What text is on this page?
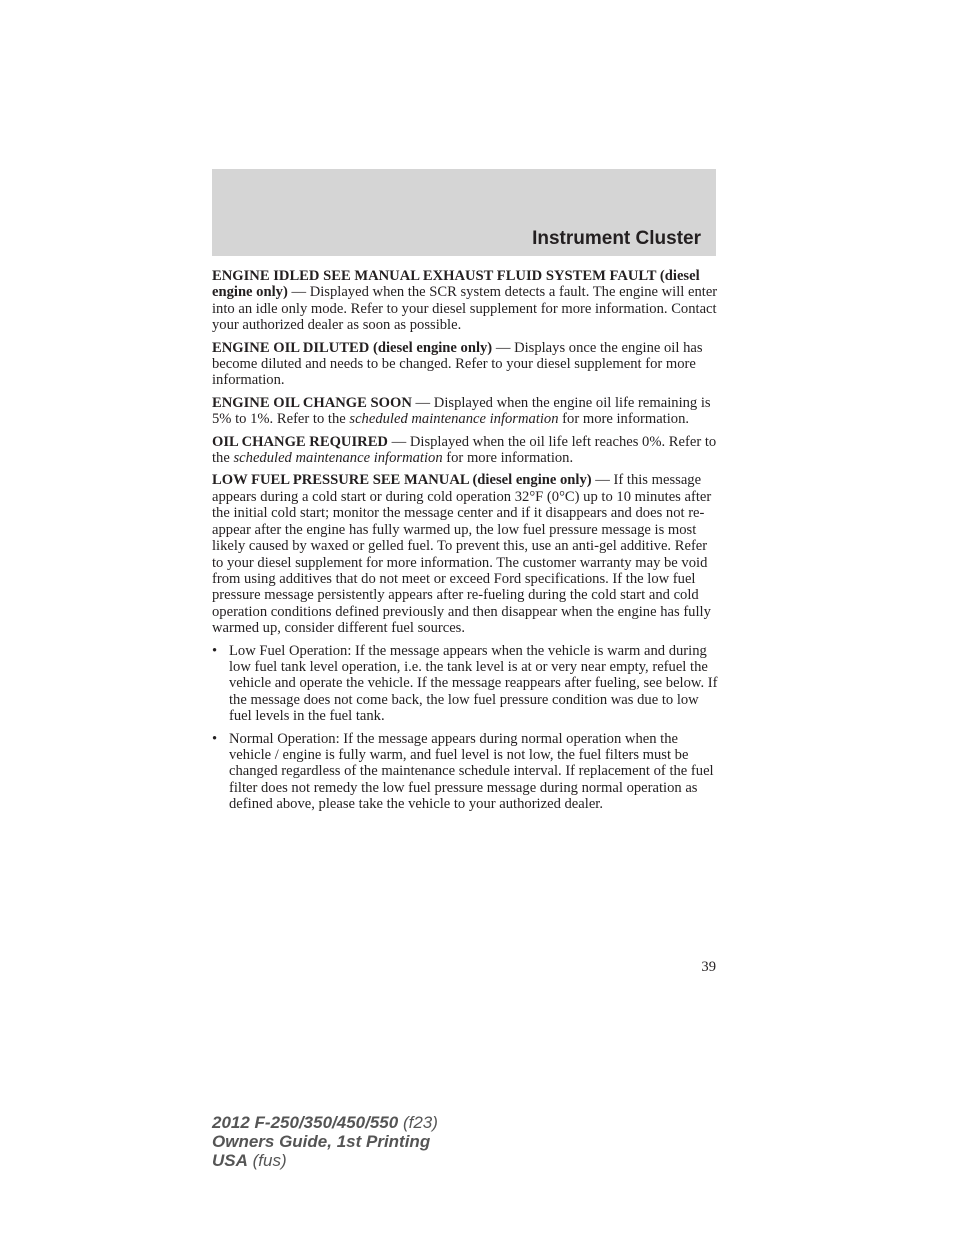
Instrument Cluster

ENGINE IDLED SEE MANUAL EXHAUST FLUID SYSTEM FAULT (diesel engine only) — Displayed when the SCR system detects a fault. The engine will enter into an idle only mode. Refer to your diesel supplement for more information. Contact your authorized dealer as soon as possible.

ENGINE OIL DILUTED (diesel engine only) — Displays once the engine oil has become diluted and needs to be changed. Refer to your diesel supplement for more information.

ENGINE OIL CHANGE SOON — Displayed when the engine oil life remaining is 5% to 1%. Refer to the scheduled maintenance information for more information.

OIL CHANGE REQUIRED — Displayed when the oil life left reaches 0%. Refer to the scheduled maintenance information for more information.

LOW FUEL PRESSURE SEE MANUAL (diesel engine only) — If this message appears during a cold start or during cold operation 32°F (0°C) up to 10 minutes after the initial cold start; monitor the message center and if it disappears and does not re-appear after the engine has fully warmed up, the low fuel pressure message is most likely caused by waxed or gelled fuel. To prevent this, use an anti-gel additive. Refer to your diesel supplement for more information. The customer warranty may be void from using additives that do not meet or exceed Ford specifications. If the low fuel pressure message persistently appears after re-fueling during the cold start and cold operation conditions defined previously and then disappear when the engine has fully warmed up, consider different fuel sources.

• Low Fuel Operation: If the message appears when the vehicle is warm and during low fuel tank level operation, i.e. the tank level is at or very near empty, refuel the vehicle and operate the vehicle. If the message reappears after fueling, see below. If the message does not come back, the low fuel pressure condition was due to low fuel levels in the fuel tank.
• Normal Operation: If the message appears during normal operation when the vehicle / engine is fully warm, and fuel level is not low, the fuel filters must be changed regardless of the maintenance schedule interval. If replacement of the fuel filter does not remedy the low fuel pressure message during normal operation as defined above, please take the vehicle to your authorized dealer.
39
2012 F-250/350/450/550 (f23)
Owners Guide, 1st Printing
USA (fus)
